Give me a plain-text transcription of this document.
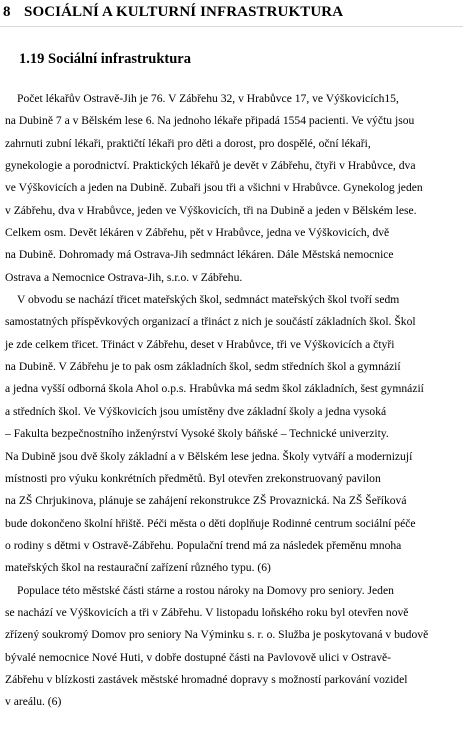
8 SOCIÁLNÍ A KULTURNÍ INFRASTRUKTURA
1.19 Sociální infrastruktura
Počet lékařův Ostravě-Jih je 76. V Zábřehu 32, v Hrabůvce 17, ve Výškovicích15,
na Dubině 7 a v Bělském lese 6. Na jednoho lékaře připadá 1554 pacienti. Ve výčtu jsou
zahrnuti zubní lékaři, praktičtí lékaři pro děti a dorost, pro dospělé, oční lékaři,
gynekologie a porodnictví. Praktických lékařů je devět v Zábřehu, čtyři v Hrabůvce, dva
ve Výškovicích a jeden na Dubině. Zubaři jsou tři a všichni v Hrabůvce. Gynekolog jeden
v Zábřehu, dva v Hrabůvce, jeden ve Výškovicích, tři na Dubině a jeden v Bělském lese.
Celkem osm. Devět lékáren v Zábřehu, pět v Hrabůvce, jedna ve Výškovicích, dvě
na Dubině. Dohromady má Ostrava-Jih sedmnáct lékáren. Dále Městská nemocnice
Ostrava a Nemocnice Ostrava-Jih, s.r.o. v Zábřehu.
V obvodu se nachází třicet mateřských škol, sedmnáct mateřských škol tvoří sedm
samostatných příspěvkových organizací a třináct z nich je součástí základních škol. Škol
je zde celkem třicet. Třináct v Zábřehu, deset v Hrabůvce, tři ve Výškovicích a čtyři
na Dubině. V Zábřehu je to pak osm základních škol, sedm středních škol a gymnázií
a jedna vyšší odborná škola Ahol o.p.s. Hrabůvka má sedm škol základních, šest gymnázií
a středních škol. Ve Výškovicích jsou umístěny dve základní školy a jedna vysoká
– Fakulta bezpečnostního inženýrství Vysoké školy báňské – Technické univerzity.
Na Dubině jsou dvě školy základní a v Bělském lese jedna. Školy vytváří a modernizují
místnosti pro výuku konkrétních předmětů. Byl otevřen zrekonstruovaný pavilon
na ZŠ Chrjukinova, plánuje se zahájení rekonstrukce ZŠ Provaznická. Na ZŠ Šeříková
bude dokončeno školní hřiště. Péči města o děti doplňuje Rodinné centrum sociální péče
o rodiny s dětmi v Ostravě-Zábřehu. Populační trend má za následek přeměnu mnoha
mateřských škol na restaurační zařízení různého typu. (6)
Populace této městské části stárne a rostou nároky na Domovy pro seniory. Jeden
se nachází ve Výškovicích a tři v Zábřehu. V listopadu loňského roku byl otevřen nově
zřízený soukromý Domov pro seniory Na Výminku s. r. o. Služba je poskytovaná v budově
bývalé nemocnice Nové Huti, v dobře dostupné části na Pavlovově ulici v Ostravě-
Zábřehu v blízkosti zastávek městské hromadné dopravy s možností parkování vozidel
v areálu. (6)
